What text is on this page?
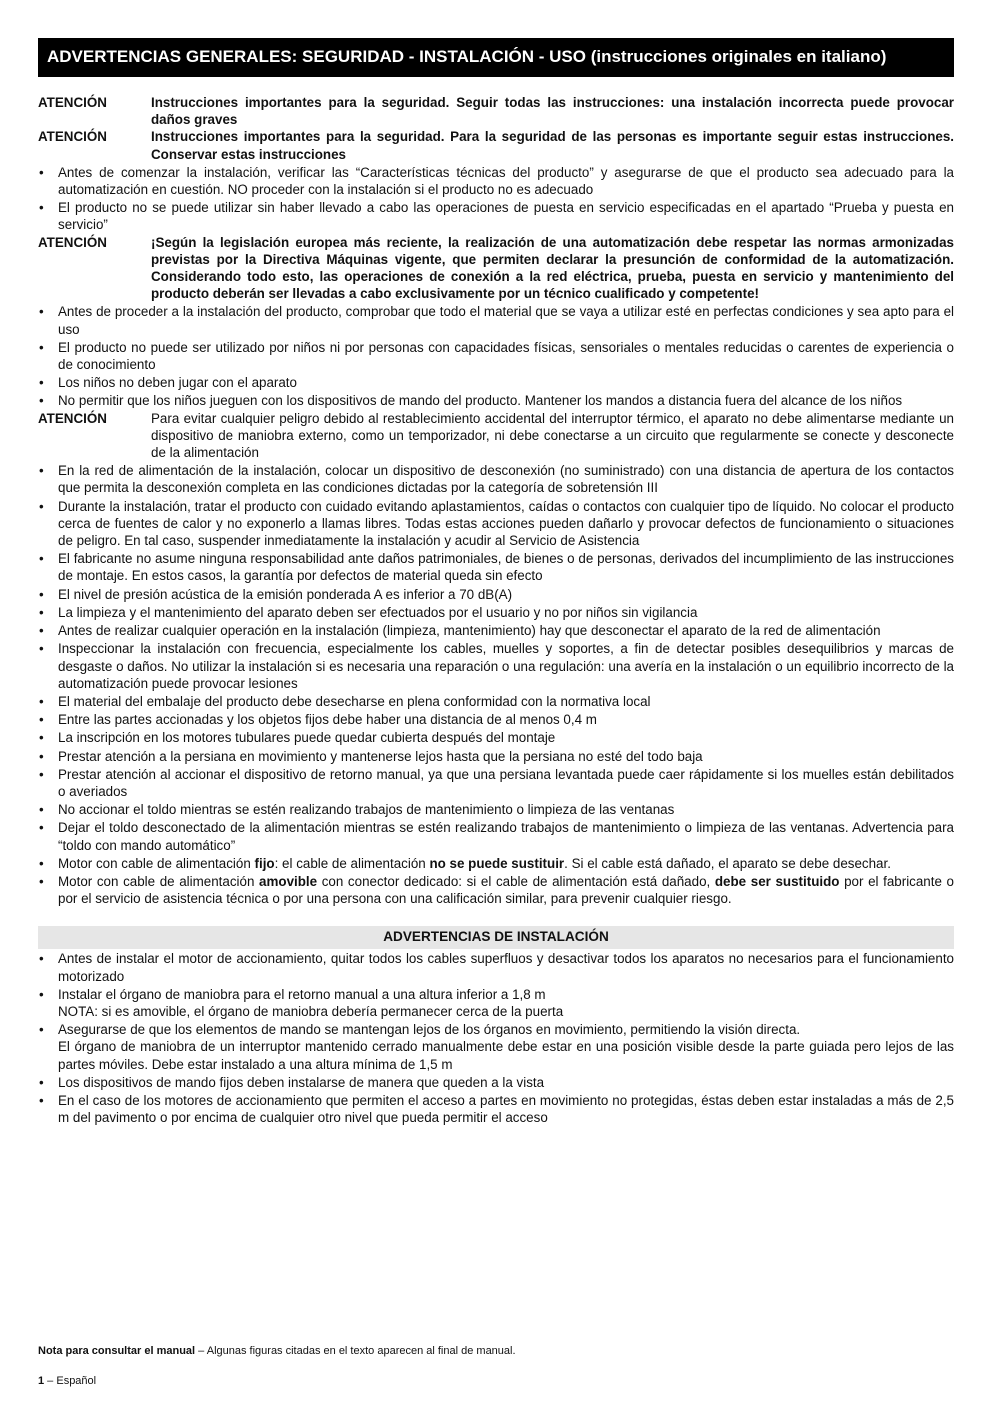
ADVERTENCIAS GENERALES: SEGURIDAD - INSTALACIÓN - USO (instrucciones originales en italiano)
ATENCIÓN	Instrucciones importantes para la seguridad. Seguir todas las instrucciones: una instalación incorrecta puede provocar daños graves
ATENCIÓN	Instrucciones importantes para la seguridad. Para la seguridad de las personas es importante seguir estas instrucciones. Conservar estas instrucciones
•	Antes de comenzar la instalación, verificar las “Características técnicas del producto” y asegurarse de que el producto sea adecuado para la automatización en cuestión. NO proceder con la instalación si el producto no es adecuado
•	El producto no se puede utilizar sin haber llevado a cabo las operaciones de puesta en servicio especificadas en el apartado “Prueba y puesta en servicio”
ATENCIÓN	¡Según la legislación europea más reciente, la realización de una automatización debe respetar las normas armonizadas previstas por la Directiva Máquinas vigente, que permiten declarar la presunción de conformidad de la automatización. Considerando todo esto, las operaciones de conexión a la red eléctrica, prueba, puesta en servicio y mantenimiento del producto deberán ser llevadas a cabo exclusivamente por un técnico cualificado y competente!
•	Antes de proceder a la instalación del producto, comprobar que todo el material que se vaya a utilizar esté en perfectas condiciones y sea apto para el uso
•	El producto no puede ser utilizado por niños ni por personas con capacidades físicas, sensoriales o mentales reducidas o carentes de experiencia o de conocimiento
•	Los niños no deben jugar con el aparato
•	No permitir que los niños jueguen con los dispositivos de mando del producto. Mantener los mandos a distancia fuera del alcance de los niños
ATENCIÓN	Para evitar cualquier peligro debido al restablecimiento accidental del interruptor térmico, el aparato no debe alimentarse mediante un dispositivo de maniobra externo, como un temporizador, ni debe conectarse a un circuito que regularmente se conecte y desconecte de la alimentación
•	En la red de alimentación de la instalación, colocar un dispositivo de desconexión (no suministrado) con una distancia de apertura de los contactos que permita la desconexión completa en las condiciones dictadas por la categoría de sobretensión III
•	Durante la instalación, tratar el producto con cuidado evitando aplastamientos, caídas o contactos con cualquier tipo de líquido. No colocar el producto cerca de fuentes de calor y no exponerlo a llamas libres. Todas estas acciones pueden dañarlo y provocar defectos de funcionamiento o situaciones de peligro. En tal caso, suspender inmediatamente la instalación y acudir al Servicio de Asistencia
•	El fabricante no asume ninguna responsabilidad ante daños patrimoniales, de bienes o de personas, derivados del incumplimiento de las instrucciones de montaje. En estos casos, la garantía por defectos de material queda sin efecto
•	El nivel de presión acústica de la emisión ponderada A es inferior a 70 dB(A)
•	La limpieza y el mantenimiento del aparato deben ser efectuados por el usuario y no por niños sin vigilancia
•	Antes de realizar cualquier operación en la instalación (limpieza, mantenimiento) hay que desconectar el aparato de la red de alimentación
•	Inspeccionar la instalación con frecuencia, especialmente los cables, muelles y soportes, a fin de detectar posibles desequilibrios y marcas de desgaste o daños. No utilizar la instalación si es necesaria una reparación o una regulación: una avería en la instalación o un equilibrio incorrecto de la automatización puede provocar lesiones
•	El material del embalaje del producto debe desecharse en plena conformidad con la normativa local
•	Entre las partes accionadas y los objetos fijos debe haber una distancia de al menos 0,4 m
•	La inscripción en los motores tubulares puede quedar cubierta después del montaje
•	Prestar atención a la persiana en movimiento y mantenerse lejos hasta que la persiana no esté del todo baja
•	Prestar atención al accionar el dispositivo de retorno manual, ya que una persiana levantada puede caer rápidamente si los muelles están debilitados o averiados
•	No accionar el toldo mientras se estén realizando trabajos de mantenimiento o limpieza de las ventanas
•	Dejar el toldo desconectado de la alimentación mientras se estén realizando trabajos de mantenimiento o limpieza de las ventanas. Advertencia para “toldo con mando automático”
•	Motor con cable de alimentación fijo: el cable de alimentación no se puede sustituir. Si el cable está dañado, el aparato se debe desechar.
•	Motor con cable de alimentación amovible con conector dedicado: si el cable de alimentación está dañado, debe ser sustituido por el fabricante o por el servicio de asistencia técnica o por una persona con una calificación similar, para prevenir cualquier riesgo.
ADVERTENCIAS DE INSTALACIÓN
•	Antes de instalar el motor de accionamiento, quitar todos los cables superfluos y desactivar todos los aparatos no necesarios para el funcionamiento motorizado
•	Instalar el órgano de maniobra para el retorno manual a una altura inferior a 1,8 m
NOTA: si es amovible, el órgano de maniobra debería permanecer cerca de la puerta
•	Asegurarse de que los elementos de mando se mantengan lejos de los órganos en movimiento, permitiendo la visión directa.
El órgano de maniobra de un interruptor mantenido cerrado manualmente debe estar en una posición visible desde la parte guiada pero lejos de las partes móviles. Debe estar instalado a una altura mínima de 1,5 m
•	Los dispositivos de mando fijos deben instalarse de manera que queden a la vista
•	En el caso de los motores de accionamiento que permiten el acceso a partes en movimiento no protegidas, éstas deben estar instaladas a más de 2,5 m del pavimento o por encima de cualquier otro nivel que pueda permitir el acceso
Nota para consultar el manual – Algunas figuras citadas en el texto aparecen al final de manual.
1 – Español
